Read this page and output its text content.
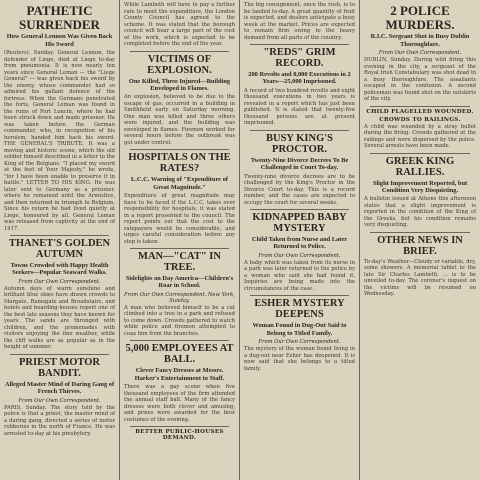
PATHETIC SURRENDER
How General Lennon Was Given Back His Sword
(Reuters). Sunday. General Lennon, the defender of Liege, died at Liege to-day from pneumonia. It is now nearly ten years since General Leman — the "Liege General" — was given back his sword by the enemy, whose commander had so admired his gallant defence of the fortress. When the Germans penetrated the forts, General Leman was found in the ruins of Fort Loncin, where he had been struck down and made prisoner. He was taken before the German commander, who, in recognition of his heroism, handed him back his sword. THE GENERAL'S TRIBUTE. It was a moving and historic scene, which the old soldier himself described in a letter to the King of the Belgians. "I placed my sword at the feet of Your Majesty," he wrote, "for I have been unable to preserve it in battle." LETTER TO HIS KING. He was later sent to Germany as a prisoner, where he remained until the Armistice, and then returned in triumph to Belgium. Since his return he had lived quietly at Liege, honoured by all. General Leman was released from captivity at the end of 1917.
THANET'S GOLDEN AUTUMN
Towns Crowded with Happy Health Seekers—Popular Seaward Walks.
From Our Own Correspondent.
Autumn days of warm sunshine and brilliant blue skies have drawn crowds to Margate, Ramsgate and Broadstairs, and hotels and boarding-houses report one of the best late seasons they have known for years. The sands are thronged with children, and the promenades with visitors enjoying the fine weather, while the cliff walks are as popular as in the height of summer.
PRIEST MOTOR BANDIT.
Alleged Master Mind of Daring Gang of French Thieves.
From Our Own Correspondent.
PARIS, Sunday. The story told by the police is that a priest, the master mind of a daring gang, directed a series of motor robberies in the north of France. He was arrested to-day at his presbytery.
While Lambeth will have to pay a further rate to meet the expenditure, the London County Council has agreed to the scheme. It was stated that the borough council will bear a large part of the cost of the work, which is expected to be completed before the end of the year.
VICTIMS OF EXPLOSION.
One Killed, Three Injured—Building Enveloped in Flames.
An explosion, believed to be due to the escape of gas, occurred in a building in Smithfield early on Saturday morning. One man was killed and three others were injured, and the building was enveloped in flames. Firemen worked for several hours before the outbreak was got under control.
HOSPITALS ON THE RATES?
L.C.C. Warning of "Expenditure of Great Magnitude."
Expenditure of great magnitude may have to be faced if the L.C.C. takes over responsibility for hospitals, it was stated in a report presented to the council. The report points out that the cost to the ratepayers would be considerable, and urges careful consideration before any step is taken.
MAN—"CAT" IN TREE.
Sidelights on Day America—Children's Roar in School.
From Our Own Correspondent. New York, Sunday.
A man who believed himself to be a cat climbed into a tree in a park and refused to come down. Crowds gathered to watch while police and firemen attempted to coax him from the branches.
5,000 EMPLOYEES AT BALL.
Clever Fancy Dresses at Messrs. Harker's Entertainment to Staff.
There was a gay scene when five thousand employees of the firm attended the annual staff ball. Many of the fancy dresses were both clever and amusing, and prizes were awarded for the best costumes of the evening.
BETTER PUBLIC-HOUSES DEMAND.
The big consignment, once the rush, is to be landed to-day. A great quantity of fruit is expected, and dealers anticipate a busy week at the market. Prices are expected to remain firm owing to the heavy demand from all parts of the country.
"REDS" GRIM RECORD.
200 Revolts and 8,000 Executions in 2 Years—25,000 Imprisoned.
A record of two hundred revolts and eight thousand executions in two years is revealed in a report which has just been published. It is stated that twenty-five thousand persons are at present imprisoned.
BUSY KING'S PROCTOR.
Twenty-Nine Divorce Decrees To Be Challenged in Court To-day.
Twenty-nine divorce decrees are to be challenged by the King's Proctor in the Divorce Court to-day. This is a record number, and the cases are expected to occupy the court for several weeks.
KIDNAPPED BABY MYSTERY
Child Taken from Nurse and Later Returned to Police.
From Our Own Correspondent.
A baby which was taken from its nurse in a park was later returned to the police by a woman who said she had found it. Inquiries are being made into the circumstances of the case.
ESHER MYSTERY DEEPENS
Woman Found in Dug-Out Said to Belong to Titled Family.
From Our Own Correspondent.
The mystery of the woman found living in a dug-out near Esher has deepened. It is now said that she belongs to a titled family.
2 POLICE MURDERS.
R.I.C. Sergeant Shot in Busy Dublin Thoroughfare.
From Our Own Correspondent.
DUBLIN, Sunday. During wild firing this evening in the city, a sergeant of the Royal Irish Constabulary was shot dead in a busy thoroughfare. The assailants escaped in the confusion. A second policeman was found shot on the outskirts of the city.
CHILD FLAGELLED WOUNDED.
CROWDS TO RAILINGS.
A child was wounded by a stray bullet during the firing. Crowds gathered at the railings and were dispersed by the police. Several arrests have been made.
GREEK KING RALLIES.
Slight Improvement Reported, but Condition Very Disquieting.
A bulletin issued at Athens this afternoon states that a slight improvement is reported in the condition of the King of the Greeks, but his condition remains very disquieting.
OTHER NEWS IN BRIEF.
To-day's Weather—Cloudy or variable, dry, some showers. A memorial tablet to the late Sir Charles Lambeth, ... is to be unveiled to-day. The coroner's inquest on the victims will be resumed on Wednesday.
